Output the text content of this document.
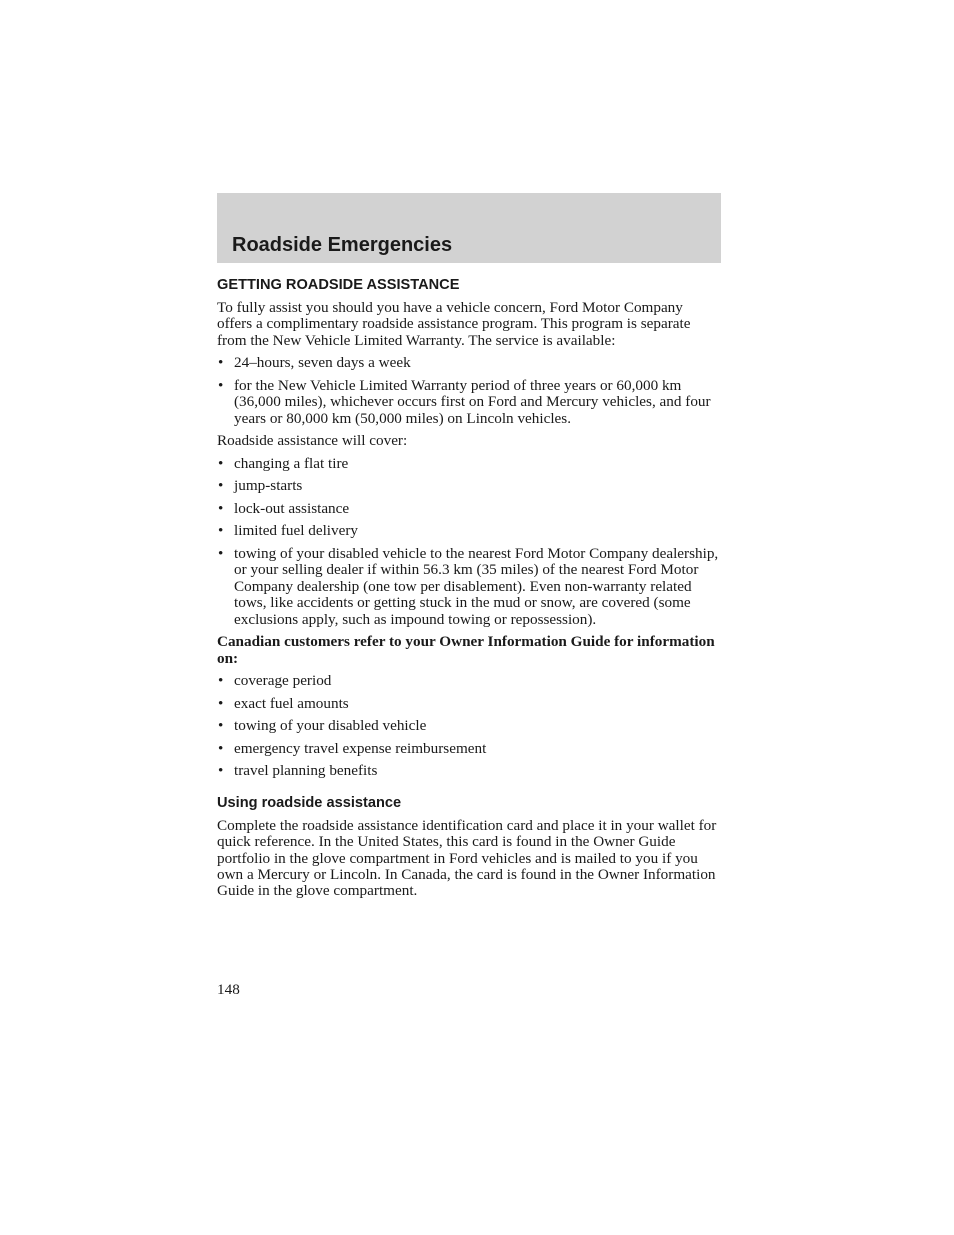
Roadside Emergencies
GETTING ROADSIDE ASSISTANCE

To fully assist you should you have a vehicle concern, Ford Motor Company offers a complimentary roadside assistance program. This program is separate from the New Vehicle Limited Warranty. The service is available:

• 24–hours, seven days a week
• for the New Vehicle Limited Warranty period of three years or 60,000 km (36,000 miles), whichever occurs first on Ford and Mercury vehicles, and four years or 80,000 km (50,000 miles) on Lincoln vehicles.

Roadside assistance will cover:

• changing a flat tire
• jump-starts
• lock-out assistance
• limited fuel delivery
• towing of your disabled vehicle to the nearest Ford Motor Company dealership, or your selling dealer if within 56.3 km (35 miles) of the nearest Ford Motor Company dealership (one tow per disablement). Even non-warranty related tows, like accidents or getting stuck in the mud or snow, are covered (some exclusions apply, such as impound towing or repossession).

Canadian customers refer to your Owner Information Guide for information on:

• coverage period
• exact fuel amounts
• towing of your disabled vehicle
• emergency travel expense reimbursement
• travel planning benefits
Using roadside assistance

Complete the roadside assistance identification card and place it in your wallet for quick reference. In the United States, this card is found in the Owner Guide portfolio in the glove compartment in Ford vehicles and is mailed to you if you own a Mercury or Lincoln. In Canada, the card is found in the Owner Information Guide in the glove compartment.

148
